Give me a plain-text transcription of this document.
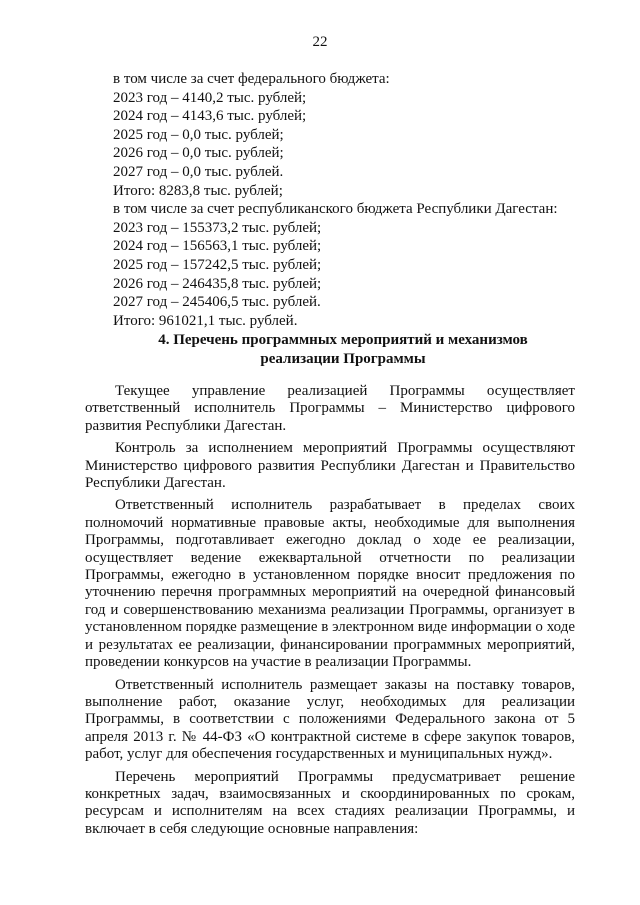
22
в том числе за счет федерального бюджета:
2023 год – 4140,2 тыс. рублей;
2024 год – 4143,6 тыс. рублей;
2025 год – 0,0 тыс. рублей;
2026 год – 0,0 тыс. рублей;
2027 год – 0,0 тыс. рублей.
Итого: 8283,8 тыс. рублей;
в том числе за счет республиканского бюджета Республики Дагестан:
2023 год – 155373,2 тыс. рублей;
2024 год – 156563,1 тыс. рублей;
2025 год – 157242,5 тыс. рублей;
2026 год – 246435,8 тыс. рублей;
2027 год – 245406,5 тыс. рублей.
Итого: 961021,1 тыс. рублей.
4. Перечень программных мероприятий и механизмов
реализации Программы

Текущее управление реализацией Программы осуществляет ответственный исполнитель Программы – Министерство цифрового развития Республики Дагестан.

Контроль за исполнением мероприятий Программы осуществляют Министерство цифрового развития Республики Дагестан и Правительство Республики Дагестан.

Ответственный исполнитель разрабатывает в пределах своих полномочий нормативные правовые акты, необходимые для выполнения Программы, подготавливает ежегодно доклад о ходе ее реализации, осуществляет ведение ежеквартальной отчетности по реализации Программы, ежегодно в установленном порядке вносит предложения по уточнению перечня программных мероприятий на очередной финансовый год и совершенствованию механизма реализации Программы, организует в установленном порядке размещение в электронном виде информации о ходе и результатах ее реализации, финансировании программных мероприятий, проведении конкурсов на участие в реализации Программы.

Ответственный исполнитель размещает заказы на поставку товаров, выполнение работ, оказание услуг, необходимых для реализации Программы, в соответствии с положениями Федерального закона от 5 апреля 2013 г. № 44-ФЗ «О контрактной системе в сфере закупок товаров, работ, услуг для обеспечения государственных и муниципальных нужд».

Перечень мероприятий Программы предусматривает решение конкретных задач, взаимосвязанных и скоординированных по срокам, ресурсам и исполнителям на всех стадиях реализации Программы, и включает в себя следующие основные направления:
